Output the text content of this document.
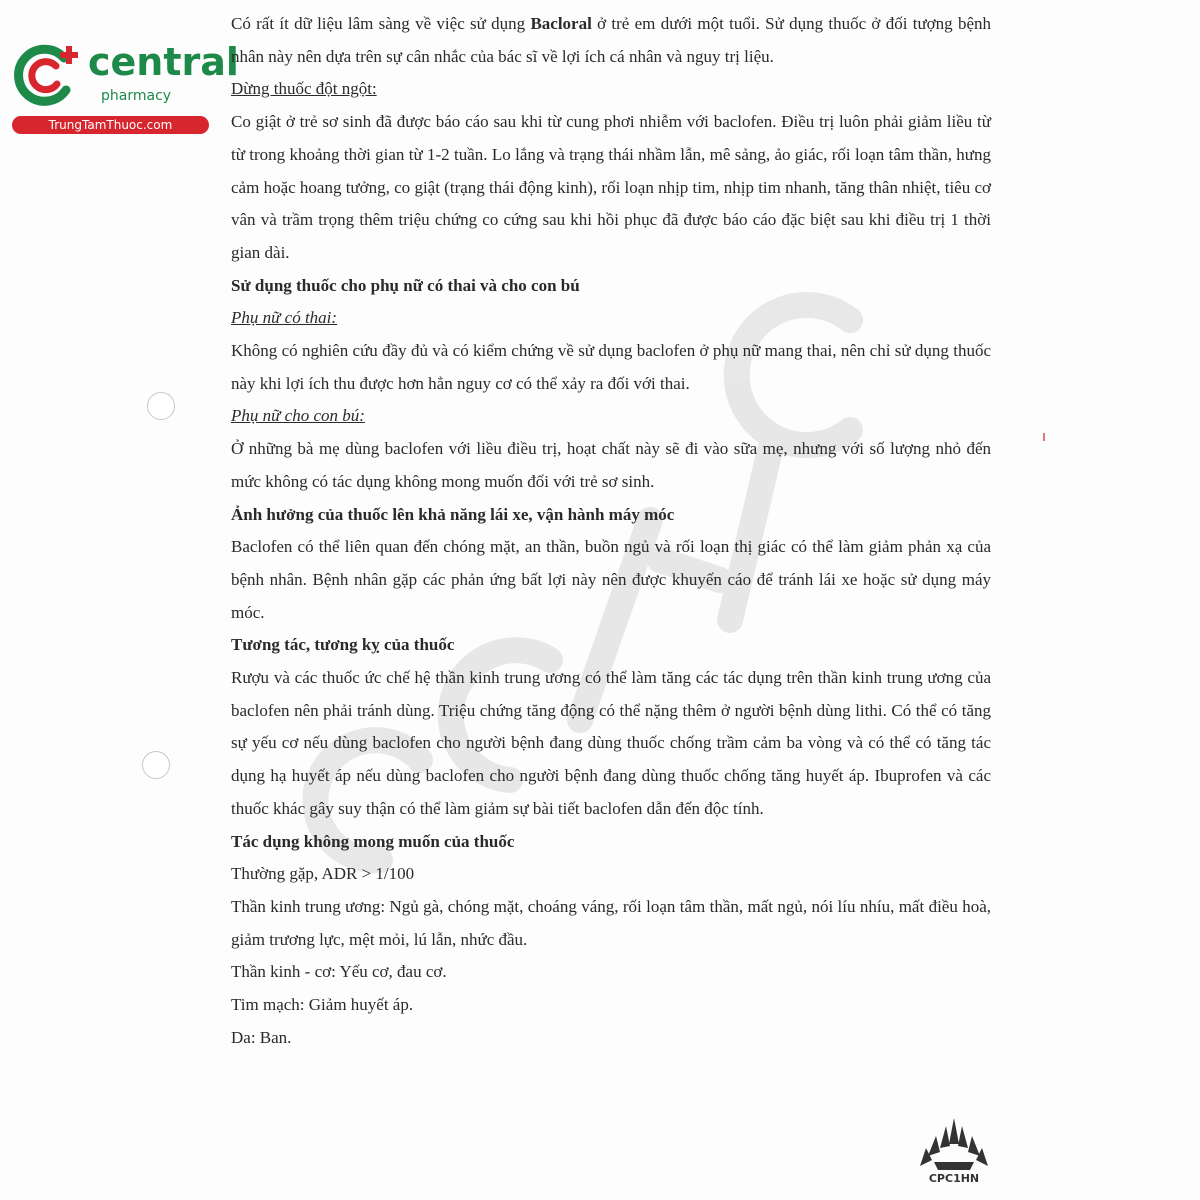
central
pharmacy
TrungTamThuoc.com

Có rất ít dữ liệu lâm sàng về việc sử dụng Bacloral ở trẻ em dưới một tuổi. Sử dụng thuốc ở đối tượng bệnh nhân này nên dựa trên sự cân nhắc của bác sĩ về lợi ích cá nhân và nguy trị liệu.

Dừng thuốc đột ngột:

Co giật ở trẻ sơ sinh đã được báo cáo sau khi từ cung phơi nhiễm với baclofen. Điều trị luôn phải giảm liều từ từ trong khoảng thời gian từ 1-2 tuần. Lo lắng và trạng thái nhầm lẫn, mê sảng, ảo giác, rối loạn tâm thần, hưng cảm hoặc hoang tưởng, co giật (trạng thái động kinh), rối loạn nhịp tim, nhịp tim nhanh, tăng thân nhiệt, tiêu cơ vân và trầm trọng thêm triệu chứng co cứng sau khi hồi phục đã được báo cáo đặc biệt sau khi điều trị 1 thời gian dài.

Sử dụng thuốc cho phụ nữ có thai và cho con bú

Phụ nữ có thai:

Không có nghiên cứu đầy đủ và có kiểm chứng về sử dụng baclofen ở phụ nữ mang thai, nên chỉ sử dụng thuốc này khi lợi ích thu được hơn hẳn nguy cơ có thể xảy ra đối với thai.

Phụ nữ cho con bú:

Ở những bà mẹ dùng baclofen với liều điều trị, hoạt chất này sẽ đi vào sữa mẹ, nhưng với số lượng nhỏ đến mức không có tác dụng không mong muốn đối với trẻ sơ sinh.

Ảnh hưởng của thuốc lên khả năng lái xe, vận hành máy móc

Baclofen có thể liên quan đến chóng mặt, an thần, buồn ngủ và rối loạn thị giác có thể làm giảm phản xạ của bệnh nhân. Bệnh nhân gặp các phản ứng bất lợi này nên được khuyến cáo để tránh lái xe hoặc sử dụng máy móc.

Tương tác, tương kỵ của thuốc

Rượu và các thuốc ức chế hệ thần kinh trung ương có thể làm tăng các tác dụng trên thần kinh trung ương của baclofen nên phải tránh dùng. Triệu chứng tăng động có thể nặng thêm ở người bệnh dùng lithi. Có thể có tăng sự yếu cơ nếu dùng baclofen cho người bệnh đang dùng thuốc chống trầm cảm ba vòng và có thể có tăng tác dụng hạ huyết áp nếu dùng baclofen cho người bệnh đang dùng thuốc chống tăng huyết áp. Ibuprofen và các thuốc khác gây suy thận có thể làm giảm sự bài tiết baclofen dẫn đến độc tính.

Tác dụng không mong muốn của thuốc

Thường gặp, ADR > 1/100

Thần kinh trung ương: Ngủ gà, chóng mặt, choáng váng, rối loạn tâm thần, mất ngủ, nói líu nhíu, mất điều hoà, giảm trương lực, mệt mỏi, lú lẫn, nhức đầu.

Thần kinh - cơ: Yếu cơ, đau cơ.

Tim mạch: Giảm huyết áp.

Da: Ban.

CPC1HN
